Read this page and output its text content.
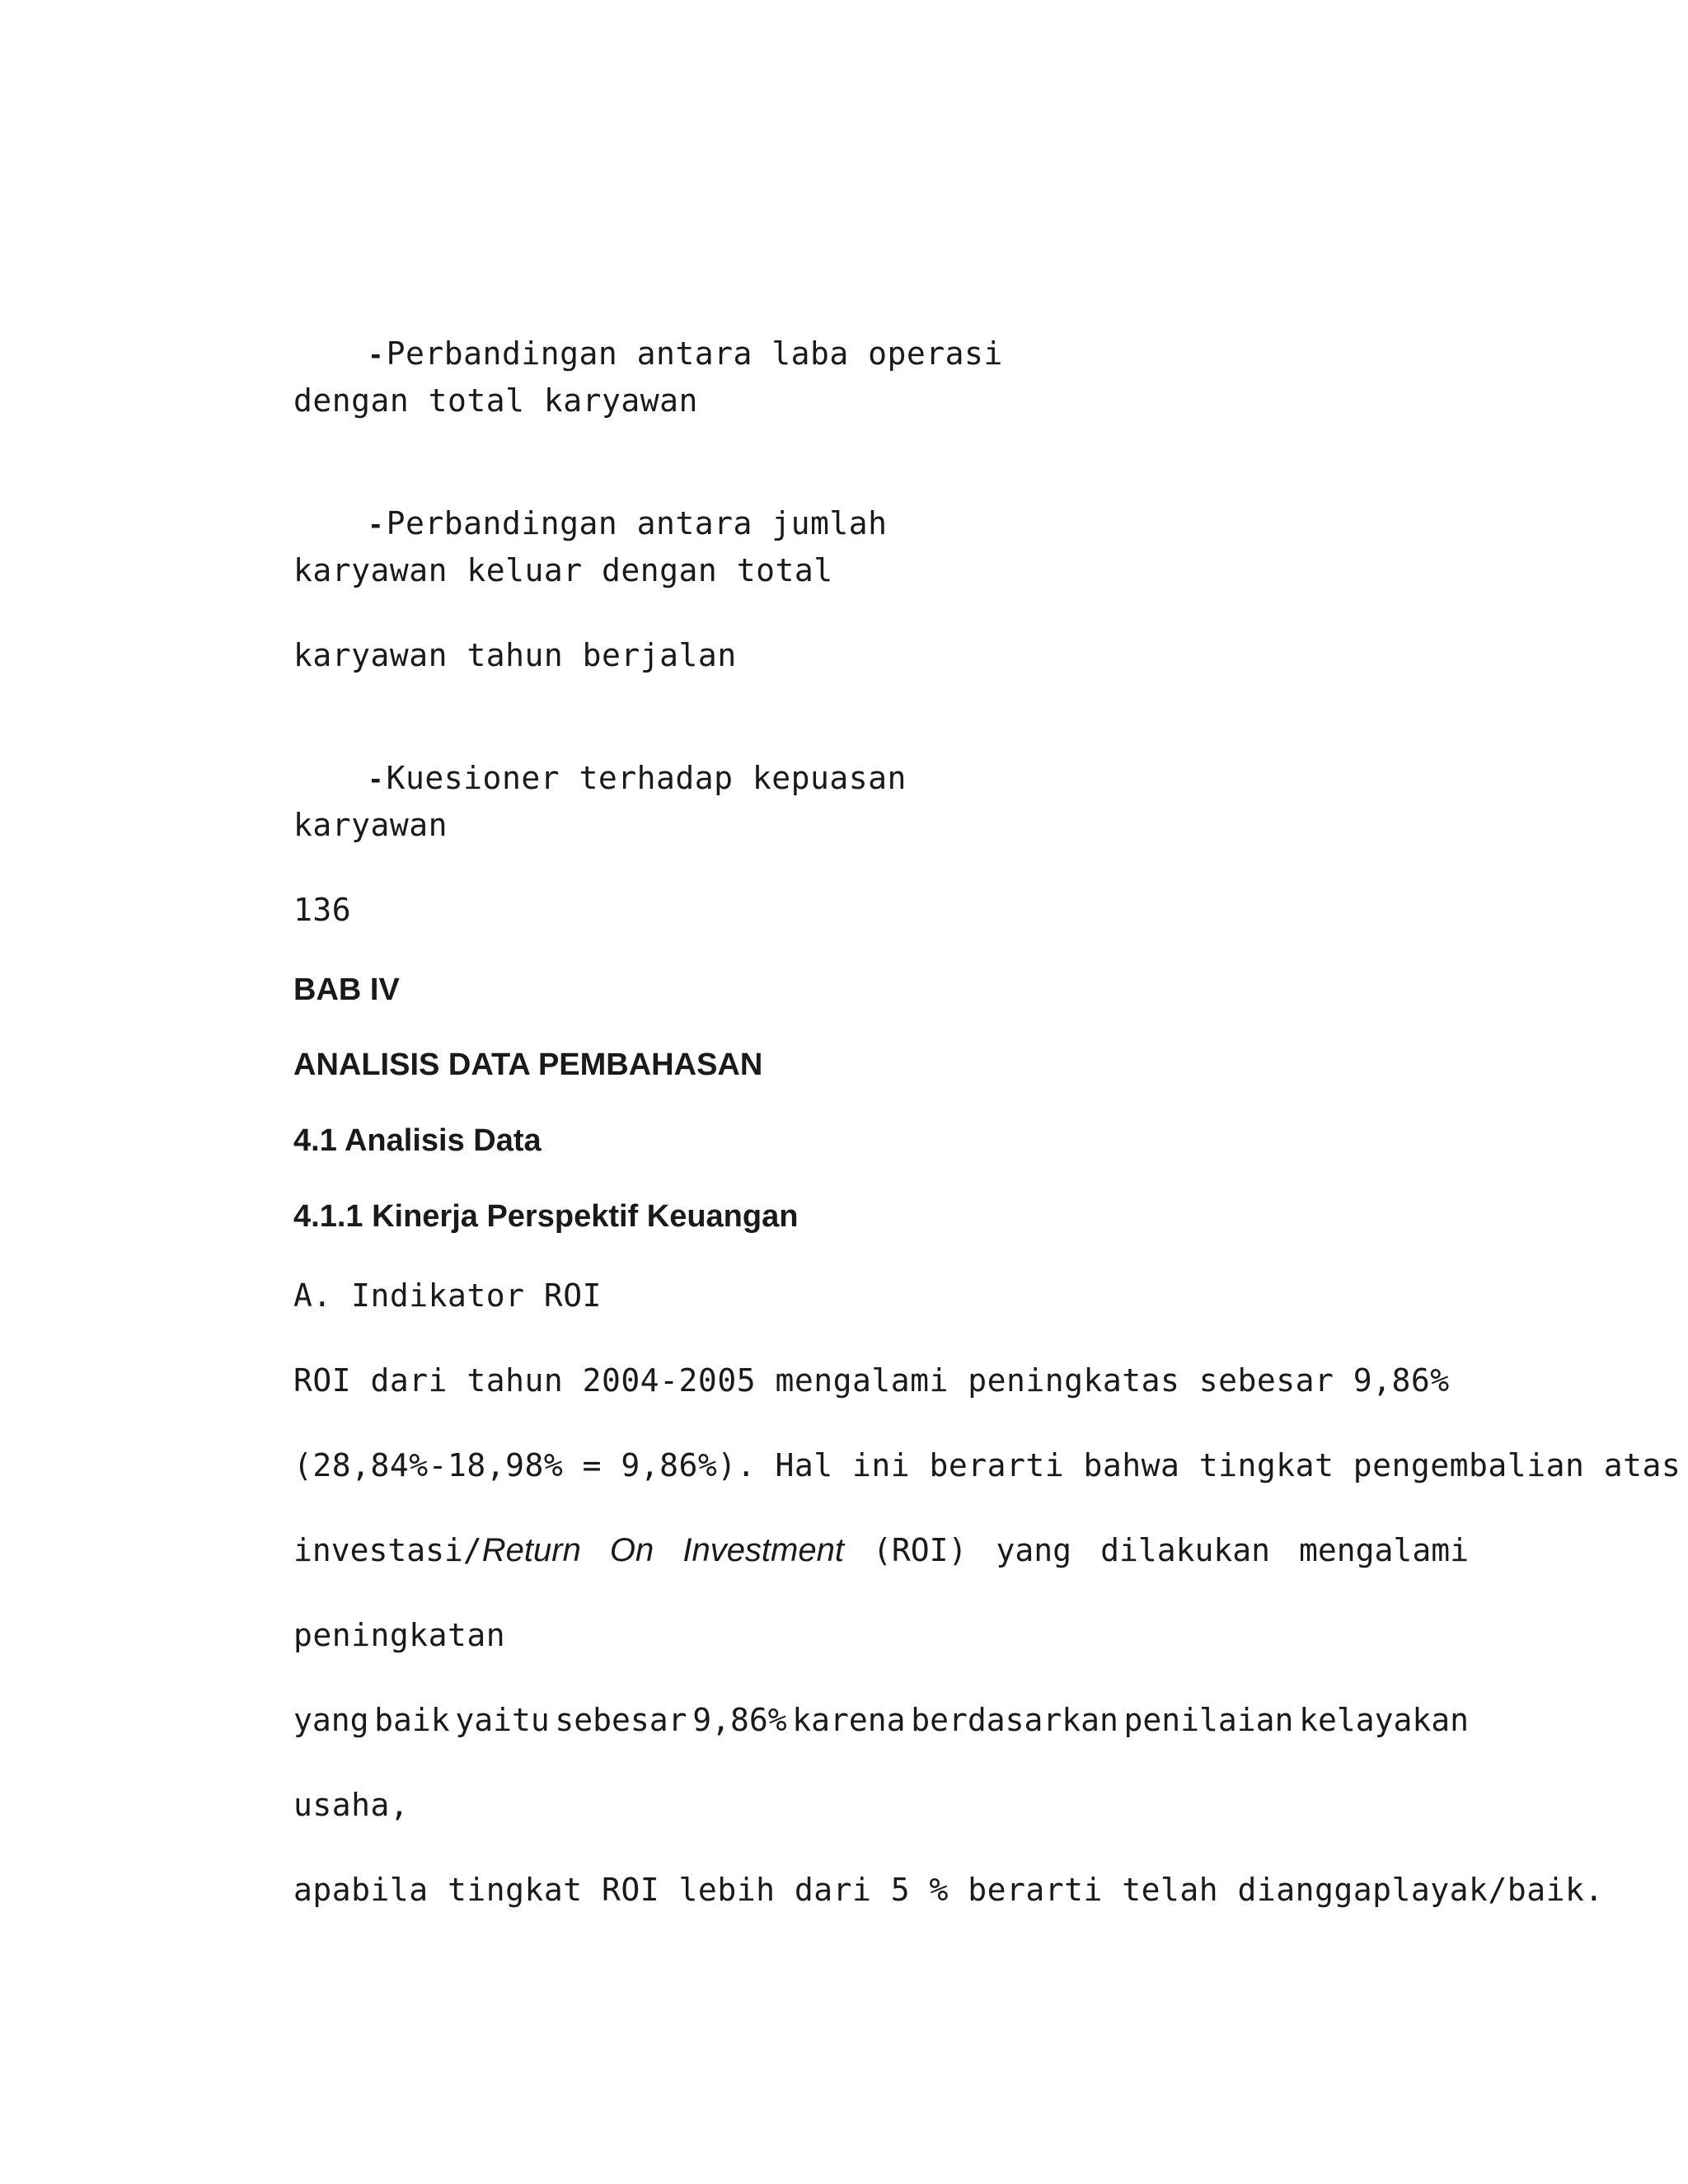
- Perbandingan antara laba operasi

dengan total karyawan

- Perbandingan antara jumlah

karyawan keluar dengan total
karyawan tahun berjalan

- Kuesioner terhadap kepuasan

karyawan
136
BAB IV
ANALISIS DATA PEMBAHASAN
4.1 Analisis Data
4.1.1 Kinerja Perspektif Keuangan
A. Indikator ROI
ROI dari tahun 2004-2005 mengalami peningkatas sebesar 9,86%
(28,84%-18,98% = 9,86%). Hal ini berarti bahwa tingkat pengembalian atas
investasi/ Return On Investment (ROI) yang dilakukan mengalami
peningkatan
yang baik yaitu sebesar 9,86% karena berdasarkan penilaian kelayakan
usaha,
apabila tingkat ROI lebih dari 5 % berarti telah dianggaplayak/baik.
